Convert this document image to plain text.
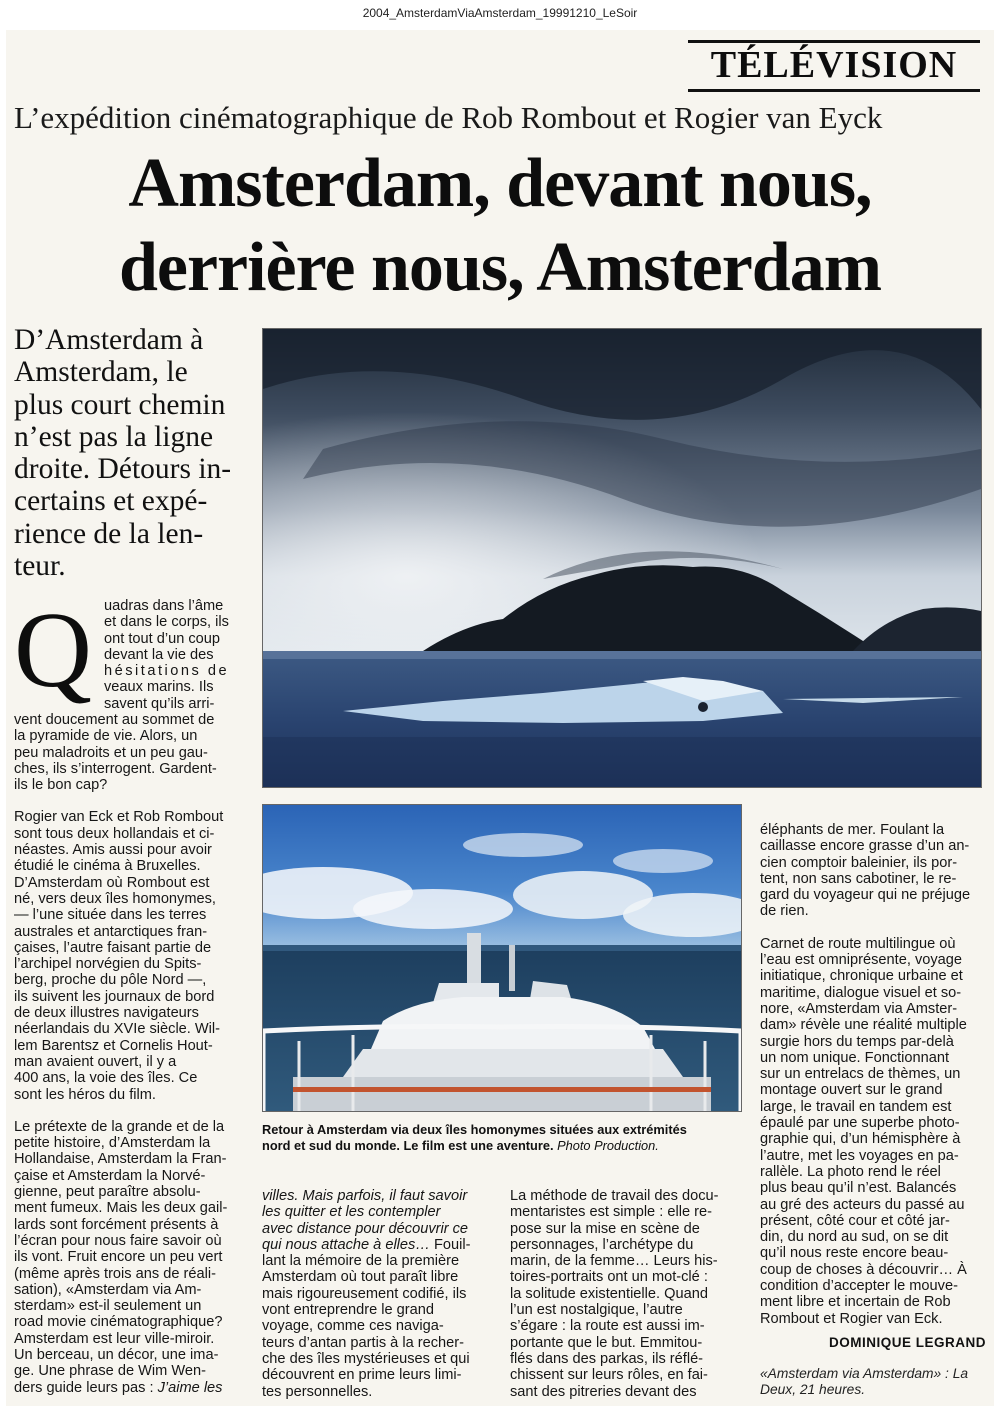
2004_AmsterdamViaAmsterdam_19991210_LeSoir
TÉLÉVISION
L’expédition cinématographique de Rob Rombout et Rogier van Eyck
Amsterdam, devant nous,
derrière nous, Amsterdam
D’Amsterdam à
Amsterdam, le
plus court chemin
n’est pas la ligne
droite. Détours in-
certains et expé-
rience de la len-
teur.
Q uadras dans l’âme
et dans le corps, ils
ont tout d’un coup
devant la vie des
hésitations de
veaux marins. Ils
savent qu’ils arri-
vent doucement au sommet de
la pyramide de vie. Alors, un
peu maladroits et un peu gau-
ches, ils s’interrogent. Gardent-
ils le bon cap?
Rogier van Eck et Rob Rombout
sont tous deux hollandais et ci-
néastes. Amis aussi pour avoir
étudié le cinéma à Bruxelles.
D’Amsterdam où Rombout est
né, vers deux îles homonymes,
— l’une située dans les terres
australes et antarctiques fran-
çaises, l’autre faisant partie de
l’archipel norvégien du Spits-
berg, proche du pôle Nord —,
ils suivent les journaux de bord
de deux illustres navigateurs
néerlandais du XVIe siècle. Wil-
lem Barentsz et Cornelis Hout-
man avaient ouvert, il y a
400 ans, la voie des îles. Ce
sont les héros du film.
Le prétexte de la grande et de la
petite histoire, d’Amsterdam la
Hollandaise, Amsterdam la Fran-
çaise et Amsterdam la Norvé-
gienne, peut paraître absolu-
ment fumeux. Mais les deux gail-
lards sont forcément présents à
l’écran pour nous faire savoir où
ils vont. Fruit encore un peu vert
(même après trois ans de réali-
sation), «Amsterdam via Am-
sterdam» est-il seulement un
road movie cinématographique?
Amsterdam est leur ville-miroir.
Un berceau, un décor, une ima-
ge. Une phrase de Wim Wen-
ders guide leurs pas : J’aime les
Retour à Amsterdam via deux îles homonymes situées aux extrémités
nord et sud du monde. Le film est une aventure. Photo Production.
villes. Mais parfois, il faut savoir
les quitter et les contempler
avec distance pour découvrir ce
qui nous attache à elles… Fouil-
lant la mémoire de la première
Amsterdam où tout paraît libre
mais rigoureusement codifié, ils
vont entreprendre le grand
voyage, comme ces naviga-
teurs d’antan partis à la recher-
che des îles mystérieuses et qui
découvrent en prime leurs limi-
tes personnelles.
La méthode de travail des docu-
mentaristes est simple : elle re-
pose sur la mise en scène de
personnages, l’archétype du
marin, de la femme… Leurs his-
toires-portraits ont un mot-clé :
la solitude existentielle. Quand
l’un est nostalgique, l’autre
s’égare : la route est aussi im-
portante que le but. Emmitou-
flés dans des parkas, ils réflé-
chissent sur leurs rôles, en fai-
sant des pitreries devant des
éléphants de mer. Foulant la
caillasse encore grasse d’un an-
cien comptoir baleinier, ils por-
tent, non sans cabotiner, le re-
gard du voyageur qui ne préjuge
de rien.
Carnet de route multilingue où
l’eau est omniprésente, voyage
initiatique, chronique urbaine et
maritime, dialogue visuel et so-
nore, «Amsterdam via Amster-
dam» révèle une réalité multiple
surgie hors du temps par-delà
un nom unique. Fonctionnant
sur un entrelacs de thèmes, un
montage ouvert sur le grand
large, le travail en tandem est
épaulé par une superbe photo-
graphie qui, d’un hémisphère à
l’autre, met les voyages en pa-
rallèle. La photo rend le réel
plus beau qu’il n’est. Balancés
au gré des acteurs du passé au
présent, côté cour et côté jar-
din, du nord au sud, on se dit
qu’il nous reste encore beau-
coup de choses à découvrir… À
condition d’accepter le mouve-
ment libre et incertain de Rob
Rombout et Rogier van Eck.
DOMINIQUE LEGRAND
«Amsterdam via Amsterdam» : La
Deux, 21 heures.
